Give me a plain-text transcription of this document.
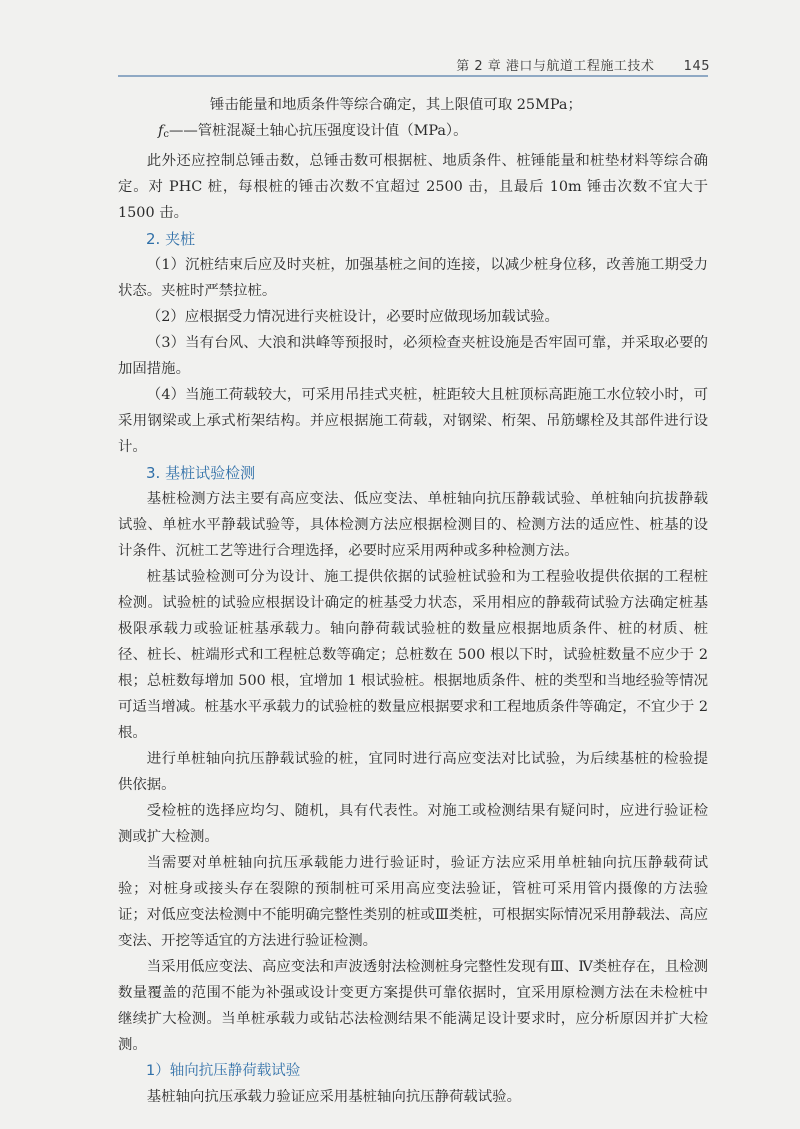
第 2 章 港口与航道工程施工技术 145

锤击能量和地质条件等综合确定，其上限值可取 25MPa；

$f_c——$管桩混凝土轴心抗压强度设计值（MPa）。

此外还应控制总锤击数，总锤击数可根据桩、地质条件、桩锤能量和桩垫材料等综合确定。对 PHC 桩，每根桩的锤击次数不宜超过 2500 击，且最后 10m 锤击次数不宜大于 1500 击。

2. 夹桩

（1）沉桩结束后应及时夹桩，加强基桩之间的连接，以减少桩身位移，改善施工期受力状态。夹桩时严禁拉桩。

（2）应根据受力情况进行夹桩设计，必要时应做现场加载试验。

（3）当有台风、大浪和洪峰等预报时，必须检查夹桩设施是否牢固可靠，并采取必要的加固措施。

（4）当施工荷载较大，可采用吊挂式夹桩，桩距较大且桩顶标高距施工水位较小时，可采用钢梁或上承式桁架结构。并应根据施工荷载，对钢梁、桁架、吊筋螺栓及其部件进行设计。

3. 基桩试验检测

基桩检测方法主要有高应变法、低应变法、单桩轴向抗压静载试验、单桩轴向抗拔静载试验、单桩水平静载试验等，具体检测方法应根据检测目的、检测方法的适应性、桩基的设计条件、沉桩工艺等进行合理选择，必要时应采用两种或多种检测方法。

桩基试验检测可分为设计、施工提供依据的试验桩试验和为工程验收提供依据的工程桩检测。试验桩的试验应根据设计确定的桩基受力状态，采用相应的静载荷试验方法确定桩基极限承载力或验证桩基承载力。轴向静荷载试验桩的数量应根据地质条件、桩的材质、桩径、桩长、桩端形式和工程桩总数等确定；总桩数在 500 根以下时，试验桩数量不应少于 2 根；总桩数每增加 500 根，宜增加 1 根试验桩。根据地质条件、桩的类型和当地经验等情况可适当增减。桩基水平承载力的试验桩的数量应根据要求和工程地质条件等确定，不宜少于 2 根。

进行单桩轴向抗压静载试验的桩，宜同时进行高应变法对比试验，为后续基桩的检验提供依据。

受检桩的选择应均匀、随机，具有代表性。对施工或检测结果有疑问时，应进行验证检测或扩大检测。

当需要对单桩轴向抗压承载能力进行验证时，验证方法应采用单桩轴向抗压静载荷试验；对桩身或接头存在裂隙的预制桩可采用高应变法验证，管桩可采用管内摄像的方法验证；对低应变法检测中不能明确完整性类别的桩或Ⅲ类桩，可根据实际情况采用静载法、高应变法、开挖等适宜的方法进行验证检测。

当采用低应变法、高应变法和声波透射法检测桩身完整性发现有Ⅲ、Ⅳ类桩存在，且检测数量覆盖的范围不能为补强或设计变更方案提供可靠依据时，宜采用原检测方法在未检桩中继续扩大检测。当单桩承载力或钻芯法检测结果不能满足设计要求时，应分析原因并扩大检测。

1）轴向抗压静荷载试验

基桩轴向抗压承载力验证应采用基桩轴向抗压静荷载试验。
